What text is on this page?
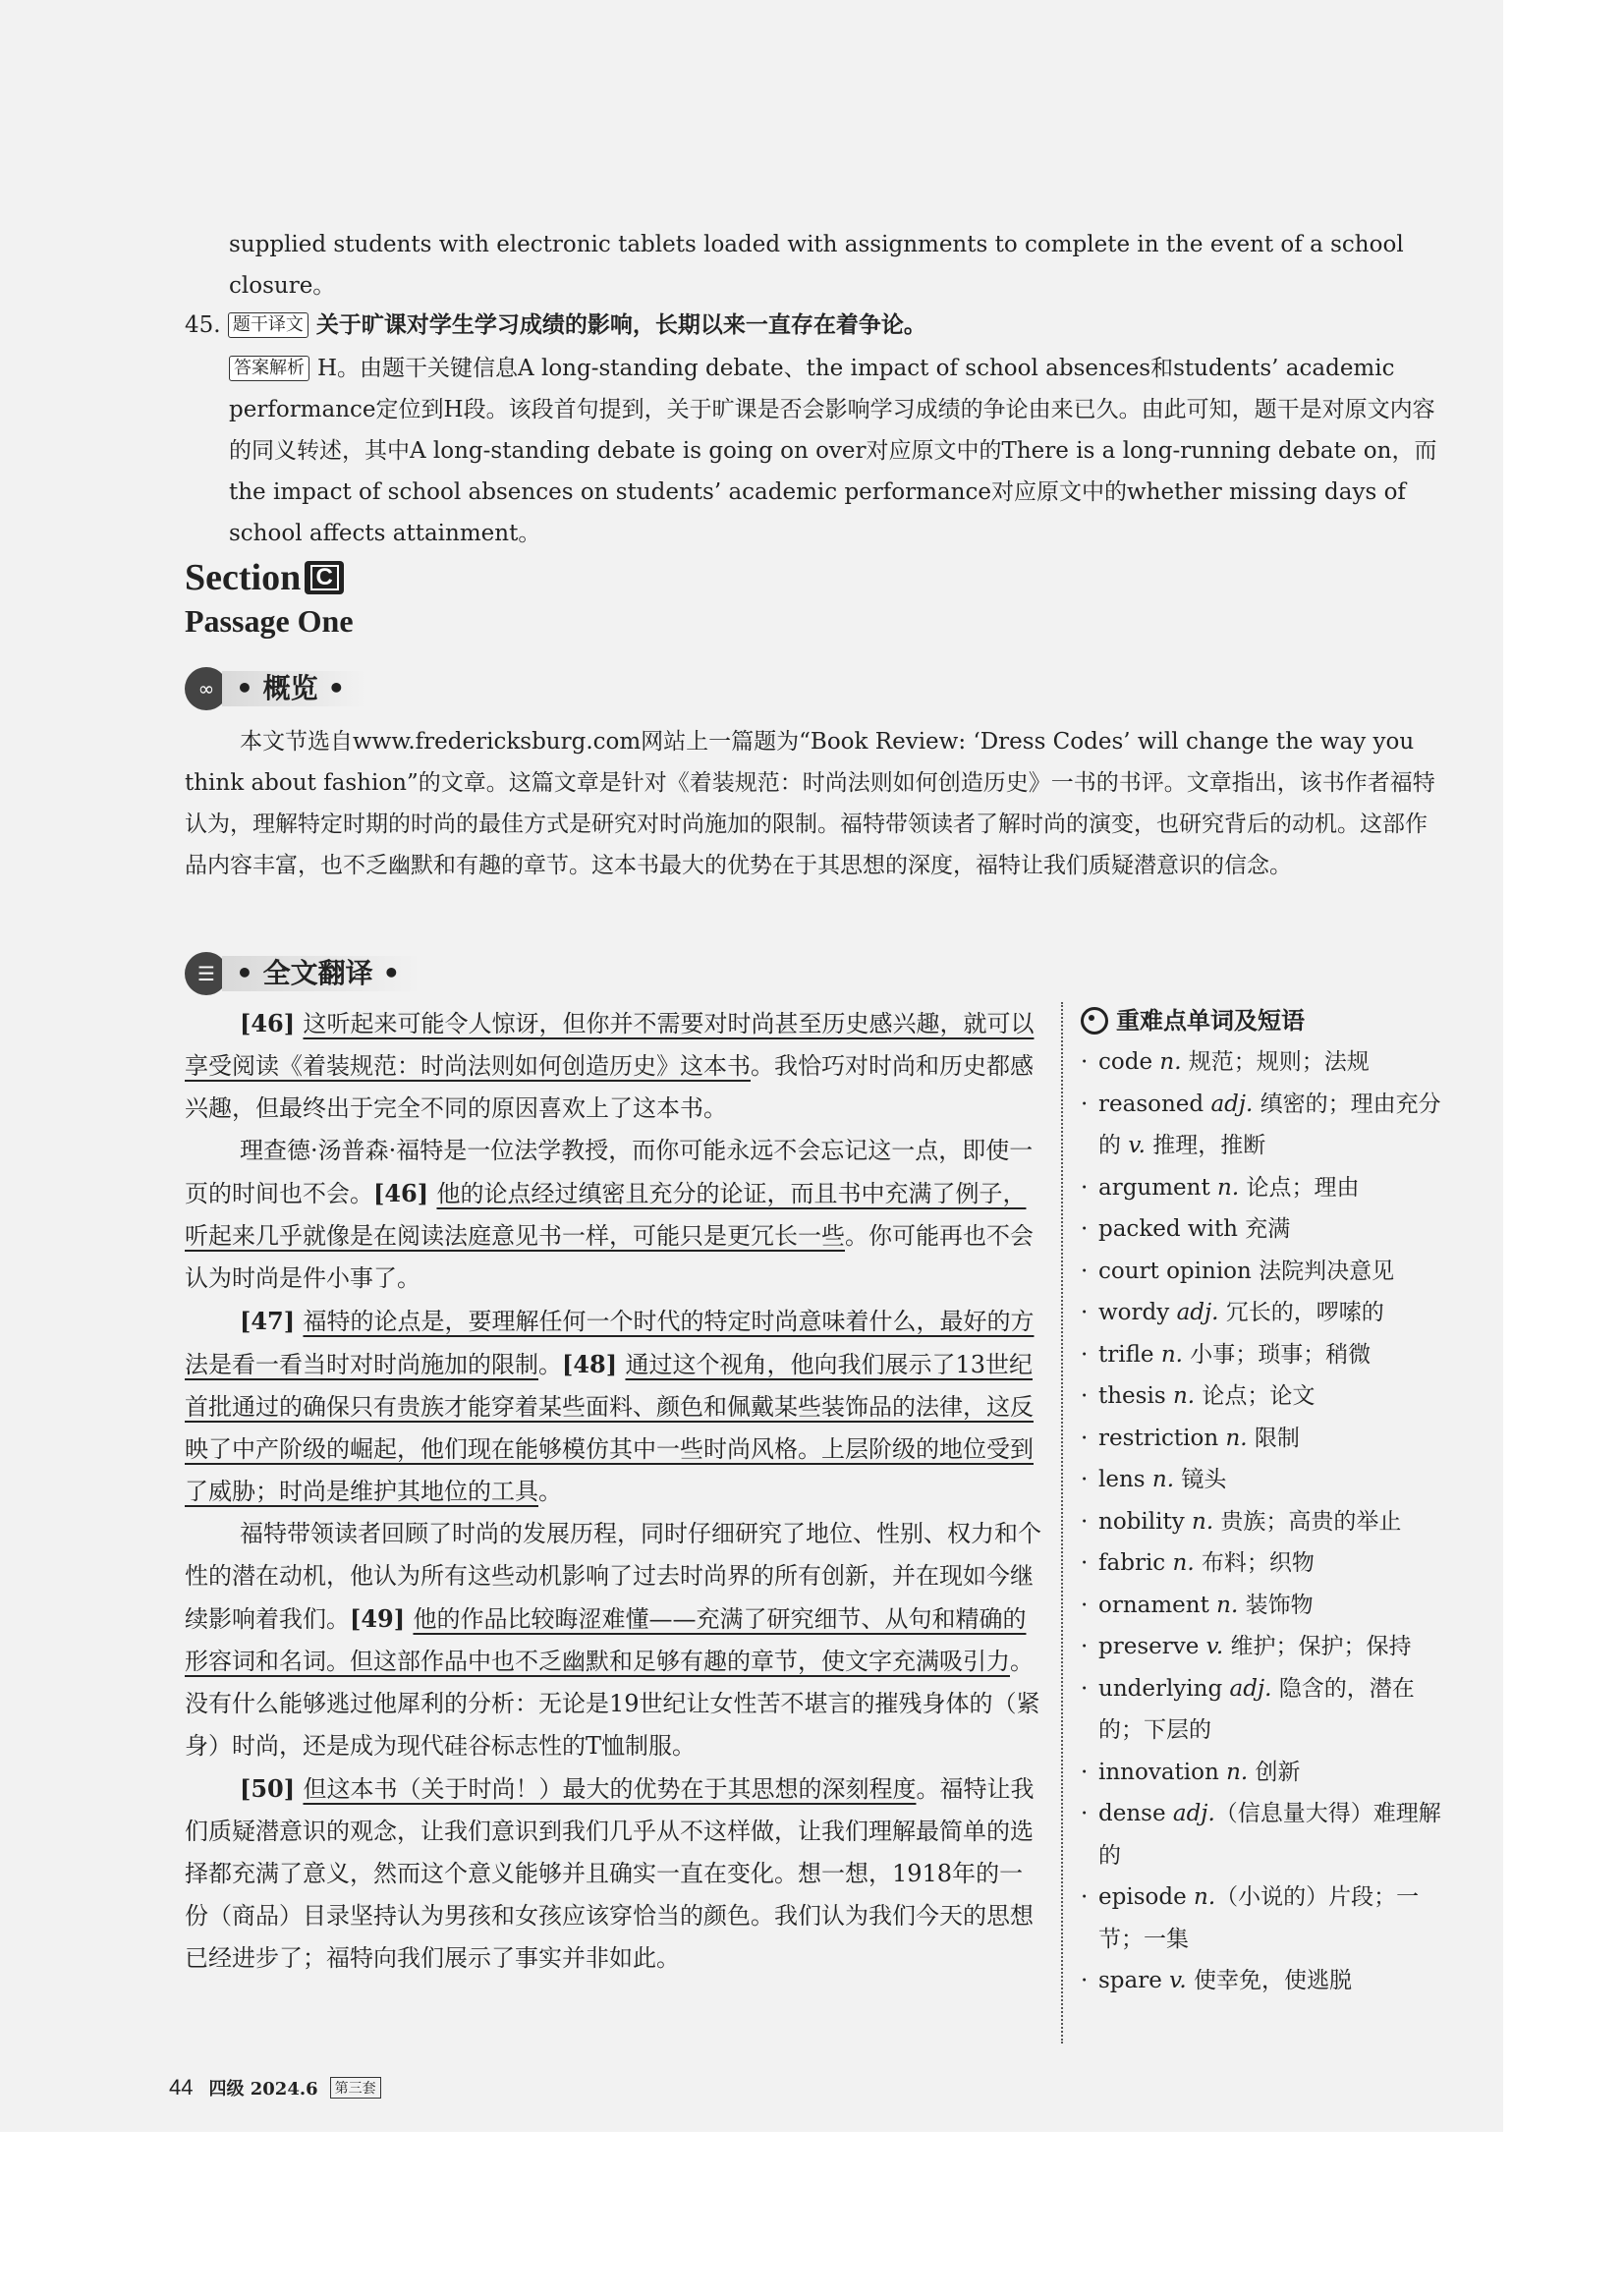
supplied students with electronic tablets loaded with assignments to complete in the event of a school closure。

45. 题干译文 关于旷课对学生学习成绩的影响，长期以来一直存在着争论。

答案解析 H。由题干关键信息A long-standing debate、the impact of school absences和students’ academic performance定位到H段。该段首句提到，关于旷课是否会影响学习成绩的争论由来已久。由此可知，题干是对原文内容的同义转述，其中A long-standing debate is going on over对应原文中的There is a long-running debate on，而the impact of school absences on students’ academic performance对应原文中的whether missing days of school affects attainment。

Section C
Passage One
∞ • 概览 •

本文节选自www.fredericksburg.com网站上一篇题为“Book Review: ‘Dress Codes’ will change the way you think about fashion”的文章。这篇文章是针对《着装规范：时尚法则如何创造历史》一书的书评。文章指出，该书作者福特认为，理解特定时期的时尚的最佳方式是研究对时尚施加的限制。福特带领读者了解时尚的演变，也研究背后的动机。这部作品内容丰富，也不乏幽默和有趣的章节。这本书最大的优势在于其思想的深度，福特让我们质疑潜意识的信念。

☰ • 全文翻译 •

[46] 这听起来可能令人惊讶，但你并不需要对时尚甚至历史感兴趣，就可以享受阅读《着装规范：时尚法则如何创造历史》这本书。我恰巧对时尚和历史都感兴趣，但最终出于完全不同的原因喜欢上了这本书。

理查德·汤普森·福特是一位法学教授，而你可能永远不会忘记这一点，即使一页的时间也不会。[46] 他的论点经过缜密且充分的论证，而且书中充满了例子，听起来几乎就像是在阅读法庭意见书一样，可能只是更冗长一些。你可能再也不会认为时尚是件小事了。

[47] 福特的论点是，要理解任何一个时代的特定时尚意味着什么，最好的方法是看一看当时对时尚施加的限制。[48] 通过这个视角，他向我们展示了13世纪首批通过的确保只有贵族才能穿着某些面料、颜色和佩戴某些装饰品的法律，这反映了中产阶级的崛起，他们现在能够模仿其中一些时尚风格。上层阶级的地位受到了威胁；时尚是维护其地位的工具。

福特带领读者回顾了时尚的发展历程，同时仔细研究了地位、性别、权力和个性的潜在动机，他认为所有这些动机影响了过去时尚界的所有创新，并在现如今继续影响着我们。[49] 他的作品比较晦涩难懂——充满了研究细节、从句和精确的形容词和名词。但这部作品中也不乏幽默和足够有趣的章节，使文字充满吸引力。没有什么能够逃过他犀利的分析：无论是19世纪让女性苦不堪言的摧残身体的（紧身）时尚，还是成为现代硅谷标志性的T恤制服。

[50] 但这本书（关于时尚！）最大的优势在于其思想的深刻程度。福特让我们质疑潜意识的观念，让我们意识到我们几乎从不这样做，让我们理解最简单的选择都充满了意义，然而这个意义能够并且确实一直在变化。想一想，1918年的一份（商品）目录坚持认为男孩和女孩应该穿恰当的颜色。我们认为我们今天的思想已经进步了；福特向我们展示了事实并非如此。

重难点单词及短语

· code n. 规范；规则；法规

· reasoned adj. 缜密的；理由充分的 v. 推理，推断

· argument n. 论点；理由

· packed with 充满

· court opinion 法院判决意见

· wordy adj. 冗长的，啰嗦的

· trifle n. 小事；琐事；稍微

· thesis n. 论点；论文

· restriction n. 限制

· lens n. 镜头

· nobility n. 贵族；高贵的举止

· fabric n. 布料；织物

· ornament n. 装饰物

· preserve v. 维护；保护；保持

· underlying adj. 隐含的，潜在的；下层的

· innovation n. 创新

· dense adj.（信息量大得）难理解的

· episode n.（小说的）片段；一节；一集

· spare v. 使幸免，使逃脱

44 四级 2024.6	第三套
